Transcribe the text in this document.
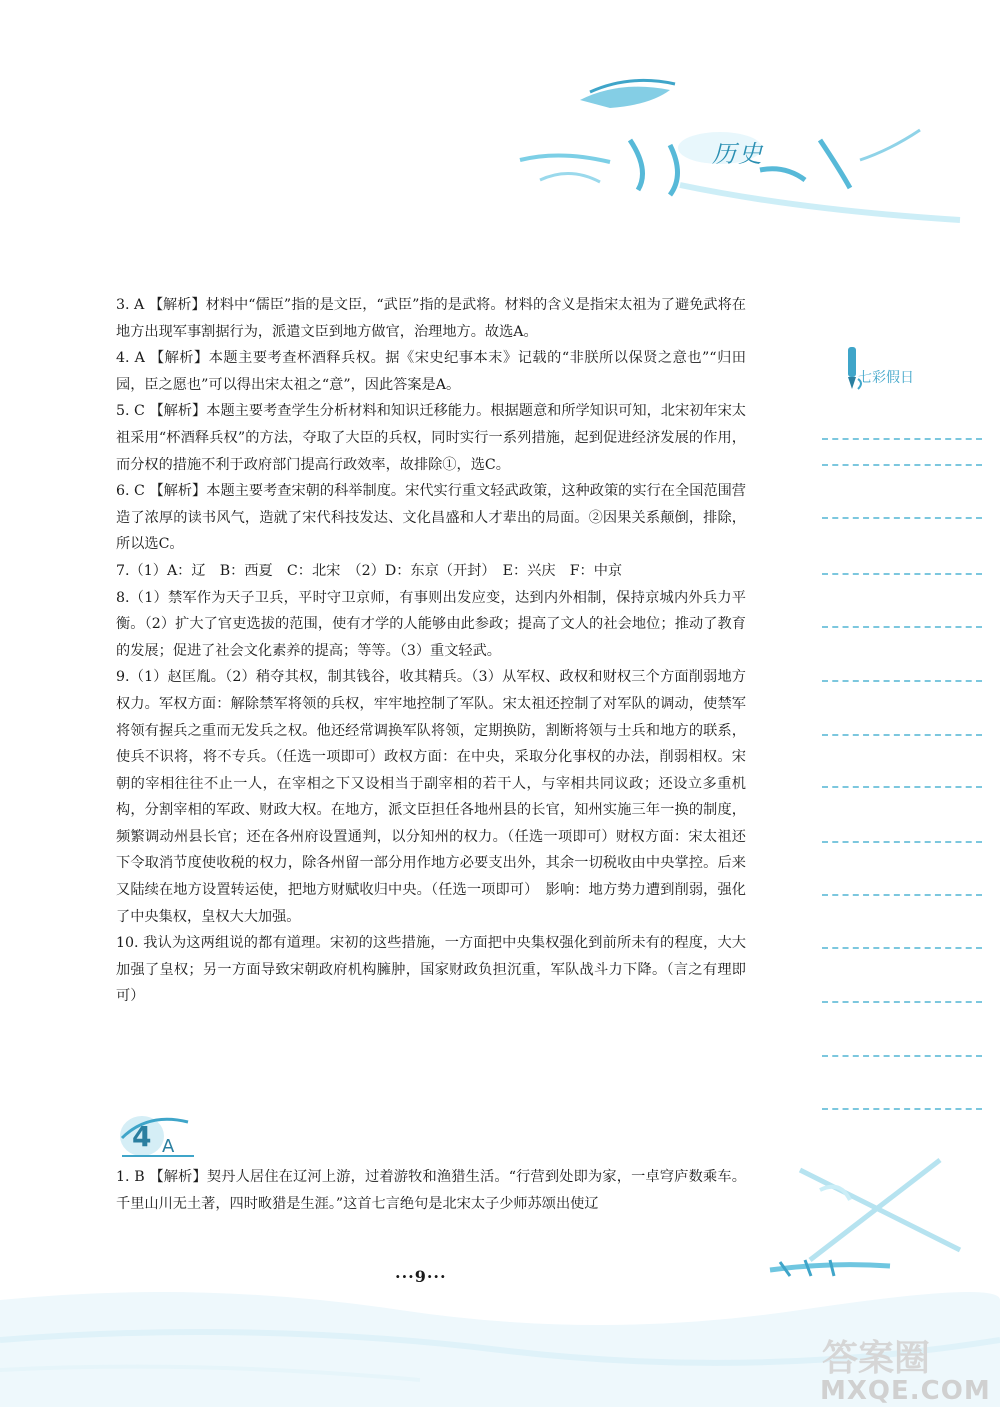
历史
七彩假日

3. A 【解析】材料中“儒臣”指的是文臣，“武臣”指的是武将。材料的含义是指宋太祖为了避免武将在地方出现军事割据行为，派遣文臣到地方做官，治理地方。故选A。

4. A 【解析】本题主要考查杯酒释兵权。据《宋史纪事本末》记载的“非朕所以保贤之意也”“归田园，臣之愿也”可以得出宋太祖之“意”，因此答案是A。

5. C 【解析】本题主要考查学生分析材料和知识迁移能力。根据题意和所学知识可知，北宋初年宋太祖采用“杯酒释兵权”的方法，夺取了大臣的兵权，同时实行一系列措施，起到促进经济发展的作用，而分权的措施不利于政府部门提高行政效率，故排除①，选C。

6. C 【解析】本题主要考查宋朝的科举制度。宋代实行重文轻武政策，这种政策的实行在全国范围营造了浓厚的读书风气，造就了宋代科技发达、文化昌盛和人才辈出的局面。②因果关系颠倒，排除，所以选C。

7.（1）A：辽　B：西夏　C：北宋　（2）D：东京（开封）　E：兴庆　F：中京

8.（1）禁军作为天子卫兵，平时守卫京师，有事则出发应变，达到内外相制，保持京城内外兵力平衡。（2）扩大了官吏选拔的范围，使有才学的人能够由此参政；提高了文人的社会地位；推动了教育的发展；促进了社会文化素养的提高；等等。（3）重文轻武。

9.（1）赵匡胤。（2）稍夺其权，制其钱谷，收其精兵。（3）从军权、政权和财权三个方面削弱地方权力。军权方面：解除禁军将领的兵权，牢牢地控制了军队。宋太祖还控制了对军队的调动，使禁军将领有握兵之重而无发兵之权。他还经常调换军队将领，定期换防，割断将领与士兵和地方的联系，使兵不识将，将不专兵。（任选一项即可）政权方面：在中央，采取分化事权的办法，削弱相权。宋朝的宰相往往不止一人，在宰相之下又设相当于副宰相的若干人，与宰相共同议政；还设立多重机构，分割宰相的军政、财政大权。在地方，派文臣担任各地州县的长官，知州实施三年一换的制度，频繁调动州县长官；还在各州府设置通判，以分知州的权力。（任选一项即可）财权方面：宋太祖还下令取消节度使收税的权力，除各州留一部分用作地方必要支出外，其余一切税收由中央掌控。后来又陆续在地方设置转运使，把地方财赋收归中央。（任选一项即可）　影响：地方势力遭到削弱，强化了中央集权，皇权大大加强。

10. 我认为这两组说的都有道理。宋初的这些措施，一方面把中央集权强化到前所未有的程度，大大加强了皇权；另一方面导致宋朝政府机构臃肿，国家财政负担沉重，军队战斗力下降。（言之有理即可）

4 A

1. B 【解析】契丹人居住在辽河上游，过着游牧和渔猎生活。“行营到处即为家，一卓穹庐数乘车。千里山川无土著，四时畋猎是生涯。”这首七言绝句是北宋太子少师苏颂出使辽

···9···
答案圈
MXQE.COM
